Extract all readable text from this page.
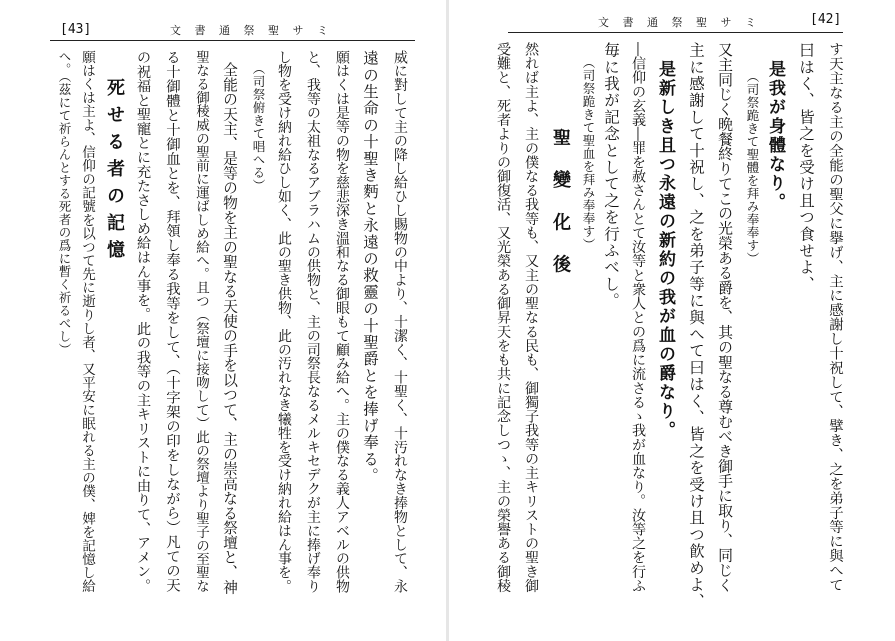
[43]	文 書 通 祭 聖 サ ミ
威に對して主の降し給ひし賜物の中より、十潔く、十聖く、十汚れなき捧物として、永
遠の生命の十聖き麪と永遠の救靈の十聖爵とを捧げ奉る。
願はくは是等の物を慈悲深き溫和なる御眼もて顧み給へ。主の僕なる義人アベルの供物
と、我等の太祖なるアブラハムの供物と、主の司祭長なるメルキセデクが主に捧げ奉り
し物を受け納れ給ひし如く、此の聖き供物、此の汚れなき犧牲を受け納れ給はん事を。
（司祭俯きて唱へる）
全能の天主、是等の物を主の聖なる天使の手を以つて、主の崇高なる祭壇と、神
聖なる御稜威の聖前に運ばしめ給へ。且つ（祭壇に接吻して）此の祭壇より聖子の至聖な
る十御體と十御血とを、拜領し奉る我等をして、（十字架の印をしながら）凡ての天
の祝福と聖寵とに充たさしめ給はん事を。此の我等の主キリストに由りて、アメン。
死せる者の記憶
願はくは主よ、信仰の記號を以つて先に逝りし者、又平安に眠れる主の僕、婢を記憶し給
へ。（茲にて祈らんとする死者の爲に暫く祈るべし）
文 書 通 祭 聖 サ ミ	[42]
す天主なる主の全能の聖父に擧げ、主に感謝し十祝して、擘き、之を弟子等に與へて
曰はく、皆之を受け且つ食せよ、
是我が身體なり。
（司祭跪きて聖體を拜み奉奉す）
又主同じく晩餐終りてこの光榮ある爵を、其の聖なる尊むべき御手に取り、同じく
主に感謝して十祝し、之を弟子等に與へて曰はく、皆之を受け且つ飮めよ、
是新しき且つ永遠の新約の我が血の爵なり。
―信仰の玄義―罪を赦さんとて汝等と衆人との爲に流さるゝ我が血なり。汝等之を行ふ
毎に我が記念として之を行ふべし。
（司祭跪きて聖血を拜み奉奉す）
聖 變 化 後
然れば主よ、主の僕なる我等も、又主の聖なる民も、御獨子我等の主キリストの聖き御
受難と、死者よりの御復活、又光榮ある御昇天をも共に記念しつゝ、主の榮譽ある御稜
